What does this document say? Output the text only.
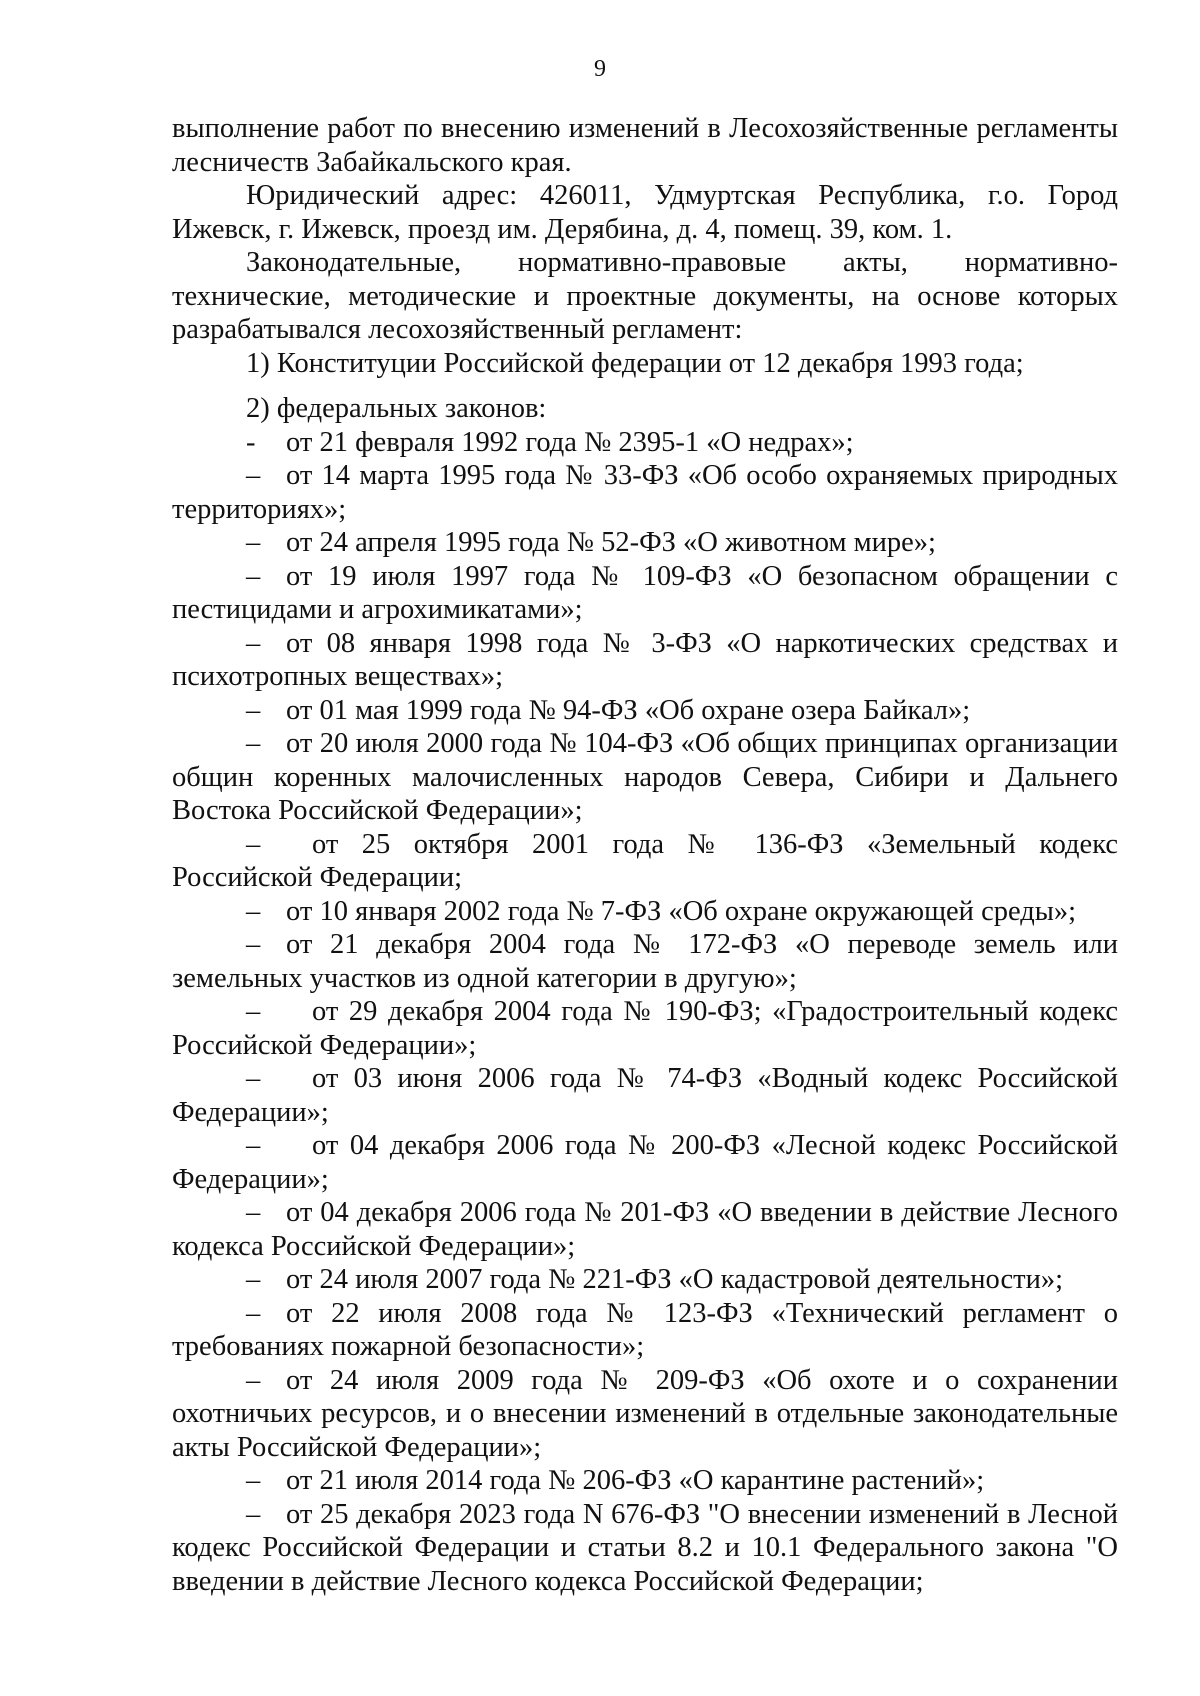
9

выполнение работ по внесению изменений в Лесохозяйственные регламенты лесничеств Забайкальского края.

Юридический адрес: 426011, Удмуртская Республика, г.о. Город Ижевск, г. Ижевск, проезд им. Дерябина, д. 4, помещ. 39, ком. 1.

Законодательные, нормативно-правовые акты, нормативно-технические, методические и проектные документы, на основе которых разрабатывался лесохозяйственный регламент:

1) Конституции Российской федерации от 12 декабря 1993 года;

2) федеральных законов:

- от 21 февраля 1992 года № 2395-1 «О недрах»;

– от 14 марта 1995 года № 33-ФЗ «Об особо охраняемых природных территориях»;

– от 24 апреля 1995 года № 52-ФЗ «О животном мире»;

– от 19 июля 1997 года № 109-ФЗ «О безопасном обращении с пестицидами и агрохимикатами»;

– от 08 января 1998 года № 3-ФЗ «О наркотических средствах и психотропных веществах»;

– от 01 мая 1999 года № 94-ФЗ «Об охране озера Байкал»;

– от 20 июля 2000 года № 104-ФЗ «Об общих принципах организации общин коренных малочисленных народов Севера, Сибири и Дальнего Востока Российской Федерации»;

– от 25 октября 2001 года № 136-ФЗ «Земельный кодекс Российской Федерации;

– от 10 января 2002 года № 7-ФЗ «Об охране окружающей среды»;

– от 21 декабря 2004 года № 172-ФЗ «О переводе земель или земельных участков из одной категории в другую»;

– от 29 декабря 2004 года № 190-ФЗ; «Градостроительный кодекс Российской Федерации»;

– от 03 июня 2006 года № 74-ФЗ «Водный кодекс Российской Федерации»;

– от 04 декабря 2006 года № 200-ФЗ «Лесной кодекс Российской Федерации»;

– от 04 декабря 2006 года № 201-ФЗ «О введении в действие Лесного кодекса Российской Федерации»;

– от 24 июля 2007 года № 221-ФЗ «О кадастровой деятельности»;

– от 22 июля 2008 года № 123-ФЗ «Технический регламент о требованиях пожарной безопасности»;

– от 24 июля 2009 года № 209-ФЗ «Об охоте и о сохранении охотничьих ресурсов, и о внесении изменений в отдельные законодательные акты Российской Федерации»;

– от 21 июля 2014 года № 206-ФЗ «О карантине растений»;

– от 25 декабря 2023 года N 676-ФЗ "О внесении изменений в Лесной кодекс Российской Федерации и статьи 8.2 и 10.1 Федерального закона "О введении в действие Лесного кодекса Российской Федерации;
